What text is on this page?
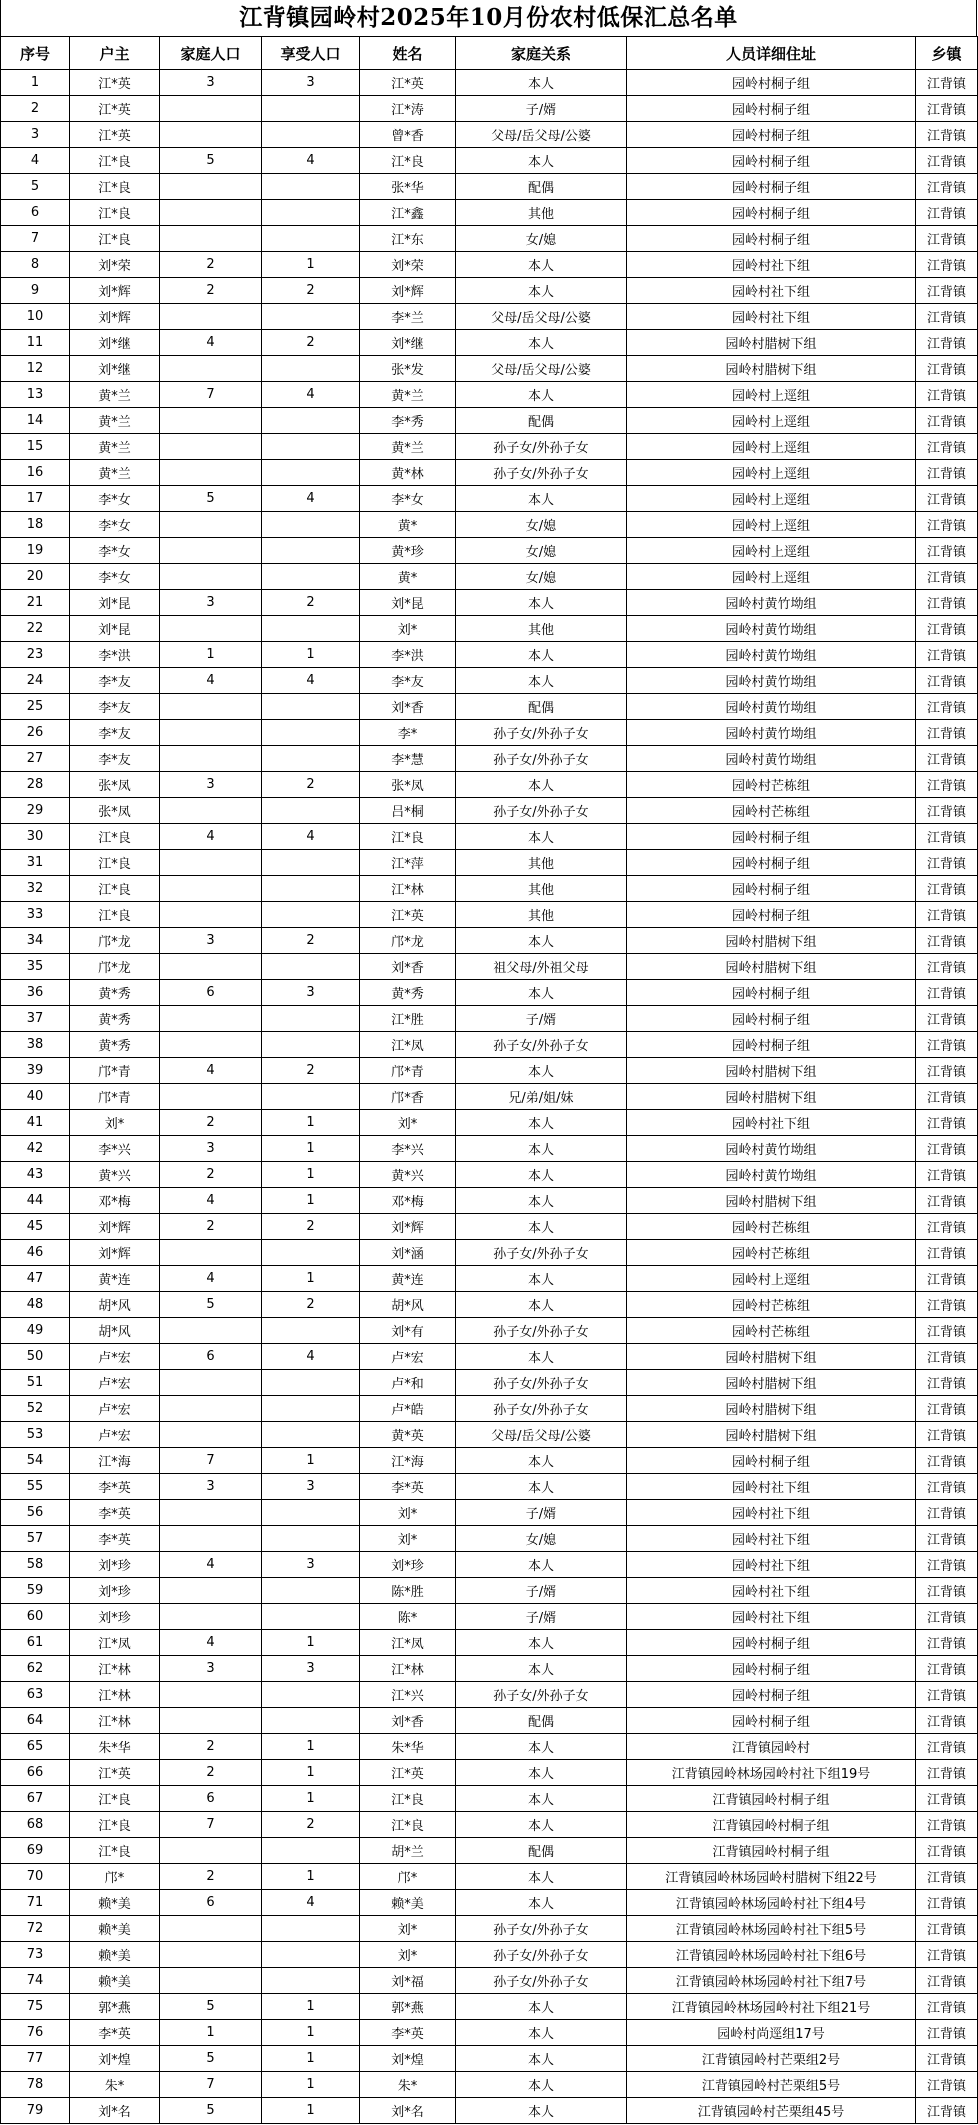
江背镇园岭村2025年10月份农村低保汇总名单
序号	户主	家庭人口	享受人口	姓名	家庭关系	人员详细住址	乡镇
1	江*英	3	3	江*英	本人	园岭村桐子组	江背镇
2	江*英			江*涛	子/婿	园岭村桐子组	江背镇
3	江*英			曾*香	父母/岳父母/公婆	园岭村桐子组	江背镇
4	江*良	5	4	江*良	本人	园岭村桐子组	江背镇
5	江*良			张*华	配偶	园岭村桐子组	江背镇
6	江*良			江*鑫	其他	园岭村桐子组	江背镇
7	江*良			江*东	女/媳	园岭村桐子组	江背镇
8	刘*荣	2	1	刘*荣	本人	园岭村社下组	江背镇
9	刘*辉	2	2	刘*辉	本人	园岭村社下组	江背镇
10	刘*辉			李*兰	父母/岳父母/公婆	园岭村社下组	江背镇
11	刘*继	4	2	刘*继	本人	园岭村腊树下组	江背镇
12	刘*继			张*发	父母/岳父母/公婆	园岭村腊树下组	江背镇
13	黄*兰	7	4	黄*兰	本人	园岭村上逕组	江背镇
14	黄*兰			李*秀	配偶	园岭村上逕组	江背镇
15	黄*兰			黄*兰	孙子女/外孙子女	园岭村上逕组	江背镇
16	黄*兰			黄*林	孙子女/外孙子女	园岭村上逕组	江背镇
17	李*女	5	4	李*女	本人	园岭村上逕组	江背镇
18	李*女			黄*	女/媳	园岭村上逕组	江背镇
19	李*女			黄*珍	女/媳	园岭村上逕组	江背镇
20	李*女			黄*	女/媳	园岭村上逕组	江背镇
21	刘*昆	3	2	刘*昆	本人	园岭村黄竹坳组	江背镇
22	刘*昆			刘*	其他	园岭村黄竹坳组	江背镇
23	李*洪	1	1	李*洪	本人	园岭村黄竹坳组	江背镇
24	李*友	4	4	李*友	本人	园岭村黄竹坳组	江背镇
25	李*友			刘*香	配偶	园岭村黄竹坳组	江背镇
26	李*友			李*	孙子女/外孙子女	园岭村黄竹坳组	江背镇
27	李*友			李*慧	孙子女/外孙子女	园岭村黄竹坳组	江背镇
28	张*凤	3	2	张*凤	本人	园岭村芒栋组	江背镇
29	张*凤			吕*桐	孙子女/外孙子女	园岭村芒栋组	江背镇
30	江*良	4	4	江*良	本人	园岭村桐子组	江背镇
31	江*良			江*萍	其他	园岭村桐子组	江背镇
32	江*良			江*林	其他	园岭村桐子组	江背镇
33	江*良			江*英	其他	园岭村桐子组	江背镇
34	邝*龙	3	2	邝*龙	本人	园岭村腊树下组	江背镇
35	邝*龙			刘*香	祖父母/外祖父母	园岭村腊树下组	江背镇
36	黄*秀	6	3	黄*秀	本人	园岭村桐子组	江背镇
37	黄*秀			江*胜	子/婿	园岭村桐子组	江背镇
38	黄*秀			江*凤	孙子女/外孙子女	园岭村桐子组	江背镇
39	邝*青	4	2	邝*青	本人	园岭村腊树下组	江背镇
40	邝*青			邝*香	兄/弟/姐/妹	园岭村腊树下组	江背镇
41	刘*	2	1	刘*	本人	园岭村社下组	江背镇
42	李*兴	3	1	李*兴	本人	园岭村黄竹坳组	江背镇
43	黄*兴	2	1	黄*兴	本人	园岭村黄竹坳组	江背镇
44	邓*梅	4	1	邓*梅	本人	园岭村腊树下组	江背镇
45	刘*辉	2	2	刘*辉	本人	园岭村芒栋组	江背镇
46	刘*辉			刘*涵	孙子女/外孙子女	园岭村芒栋组	江背镇
47	黄*连	4	1	黄*连	本人	园岭村上逕组	江背镇
48	胡*风	5	2	胡*风	本人	园岭村芒栋组	江背镇
49	胡*风			刘*有	孙子女/外孙子女	园岭村芒栋组	江背镇
50	卢*宏	6	4	卢*宏	本人	园岭村腊树下组	江背镇
51	卢*宏			卢*和	孙子女/外孙子女	园岭村腊树下组	江背镇
52	卢*宏			卢*皓	孙子女/外孙子女	园岭村腊树下组	江背镇
53	卢*宏			黄*英	父母/岳父母/公婆	园岭村腊树下组	江背镇
54	江*海	7	1	江*海	本人	园岭村桐子组	江背镇
55	李*英	3	3	李*英	本人	园岭村社下组	江背镇
56	李*英			刘*	子/婿	园岭村社下组	江背镇
57	李*英			刘*	女/媳	园岭村社下组	江背镇
58	刘*珍	4	3	刘*珍	本人	园岭村社下组	江背镇
59	刘*珍			陈*胜	子/婿	园岭村社下组	江背镇
60	刘*珍			陈*	子/婿	园岭村社下组	江背镇
61	江*凤	4	1	江*凤	本人	园岭村桐子组	江背镇
62	江*林	3	3	江*林	本人	园岭村桐子组	江背镇
63	江*林			江*兴	孙子女/外孙子女	园岭村桐子组	江背镇
64	江*林			刘*香	配偶	园岭村桐子组	江背镇
65	朱*华	2	1	朱*华	本人	江背镇园岭村	江背镇
66	江*英	2	1	江*英	本人	江背镇园岭林场园岭村社下组19号	江背镇
67	江*良	6	1	江*良	本人	江背镇园岭村桐子组	江背镇
68	江*良	7	2	江*良	本人	江背镇园岭村桐子组	江背镇
69	江*良			胡*兰	配偶	江背镇园岭村桐子组	江背镇
70	邝*	2	1	邝*	本人	江背镇园岭林场园岭村腊树下组22号	江背镇
71	赖*美	6	4	赖*美	本人	江背镇园岭林场园岭村社下组4号	江背镇
72	赖*美			刘*	孙子女/外孙子女	江背镇园岭林场园岭村社下组5号	江背镇
73	赖*美			刘*	孙子女/外孙子女	江背镇园岭林场园岭村社下组6号	江背镇
74	赖*美			刘*福	孙子女/外孙子女	江背镇园岭林场园岭村社下组7号	江背镇
75	郭*燕	5	1	郭*燕	本人	江背镇园岭林场园岭村社下组21号	江背镇
76	李*英	1	1	李*英	本人	园岭村尚逕组17号	江背镇
77	刘*煌	5	1	刘*煌	本人	江背镇园岭村芒栗组2号	江背镇
78	朱*	7	1	朱*	本人	江背镇园岭村芒栗组5号	江背镇
79	刘*名	5	1	刘*名	本人	江背镇园岭村芒栗组45号	江背镇
